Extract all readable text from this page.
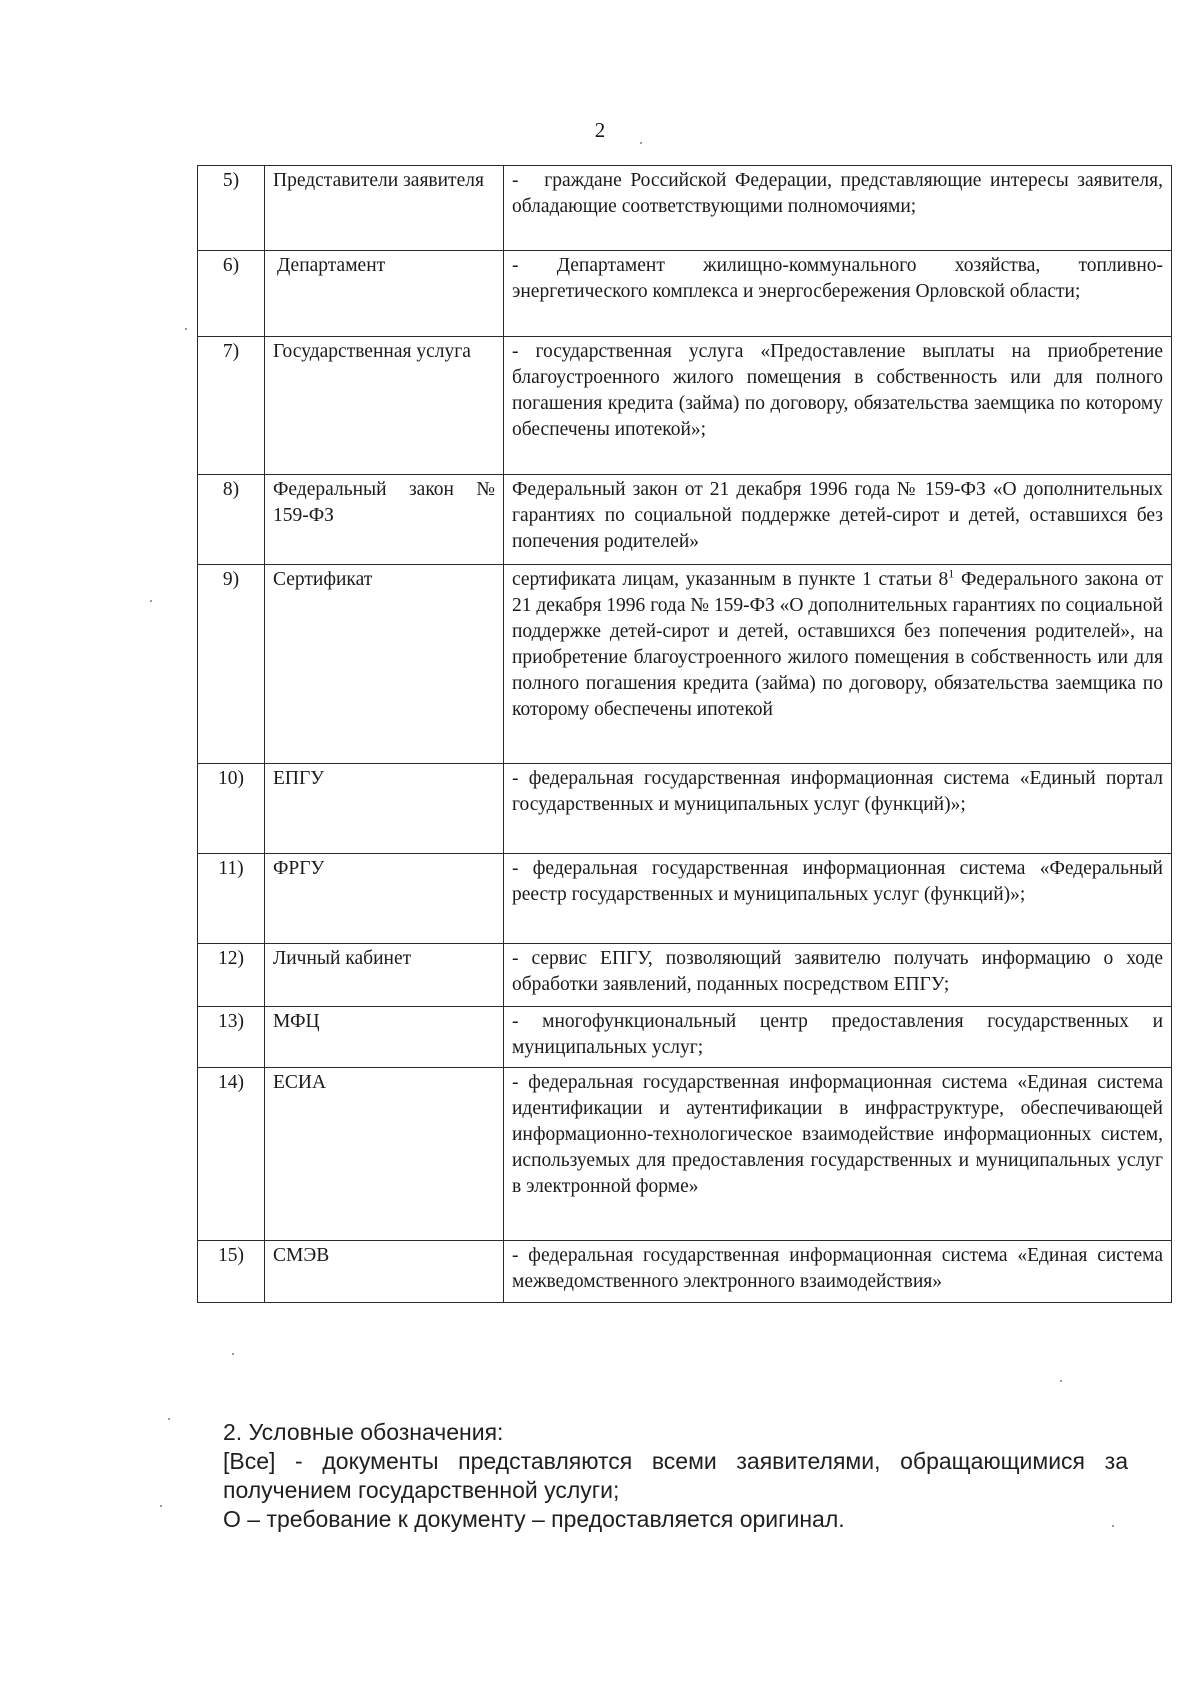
2
5)	Представители заявителя	-   гражданe Российской Федерации, представляющие интересы заявителя, обладающие соответствующими полномочиями;
6)	Департамент	- Департамент жилищно-коммунального хозяйства, топливно-энергетического комплекса и энергосбережения Орловской области;
7)	Государственная услуга	- государственная услуга «Предоставление выплаты на приобретение благоустроенного жилого помещения в собственность или для полного погашения кредита (займа) по договору, обязательства заемщика по которому обеспечены ипотекой»;
8)	Федеральный закон № 159-ФЗ	Федеральный закон от 21 декабря 1996 года № 159-ФЗ «О дополнительных гарантиях по социальной поддержке детей-сирот и детей, оставшихся без попечения родителей»
9)	Сертификат	сертификата лицам, указанным в пункте 1 статьи $8^1$ Федерального закона от 21 декабря 1996 года № 159-ФЗ «О дополнительных гарантиях по социальной поддержке детей-сирот и детей, оставшихся без попечения родителей», на приобретение благоустроенного жилого помещения в собственность или для полного погашения кредита (займа) по договору, обязательства заемщика по которому обеспечены ипотекой
10)	ЕПГУ	- федеральная государственная информационная система «Единый портал государственных и муниципальных услуг (функций)»;
11)	ФРГУ	- федеральная государственная информационная система «Федеральный реестр государственных и муниципальных услуг (функций)»;
12)	Личный кабинет	- сервис ЕПГУ, позволяющий заявителю получать информацию о ходе обработки заявлений, поданных посредством ЕПГУ;
13)	МФЦ	- многофункциональный центр предоставления государственных и муниципальных услуг;
14)	ЕСИА	- федеральная государственная информационная система «Единая система идентификации и аутентификации в инфраструктуре, обеспечивающей информационно-технологическое взаимодействие информационных систем, используемых для предоставления государственных и муниципальных услуг в электронной форме»
15)	СМЭВ	- федеральная государственная информационная система «Единая система межведомственного электронного взаимодействия»

2. Условные обозначения:

[Все] - документы представляются всеми заявителями, обращающимися за получением государственной услуги;

О – требование к документу – предоставляется оригинал.
